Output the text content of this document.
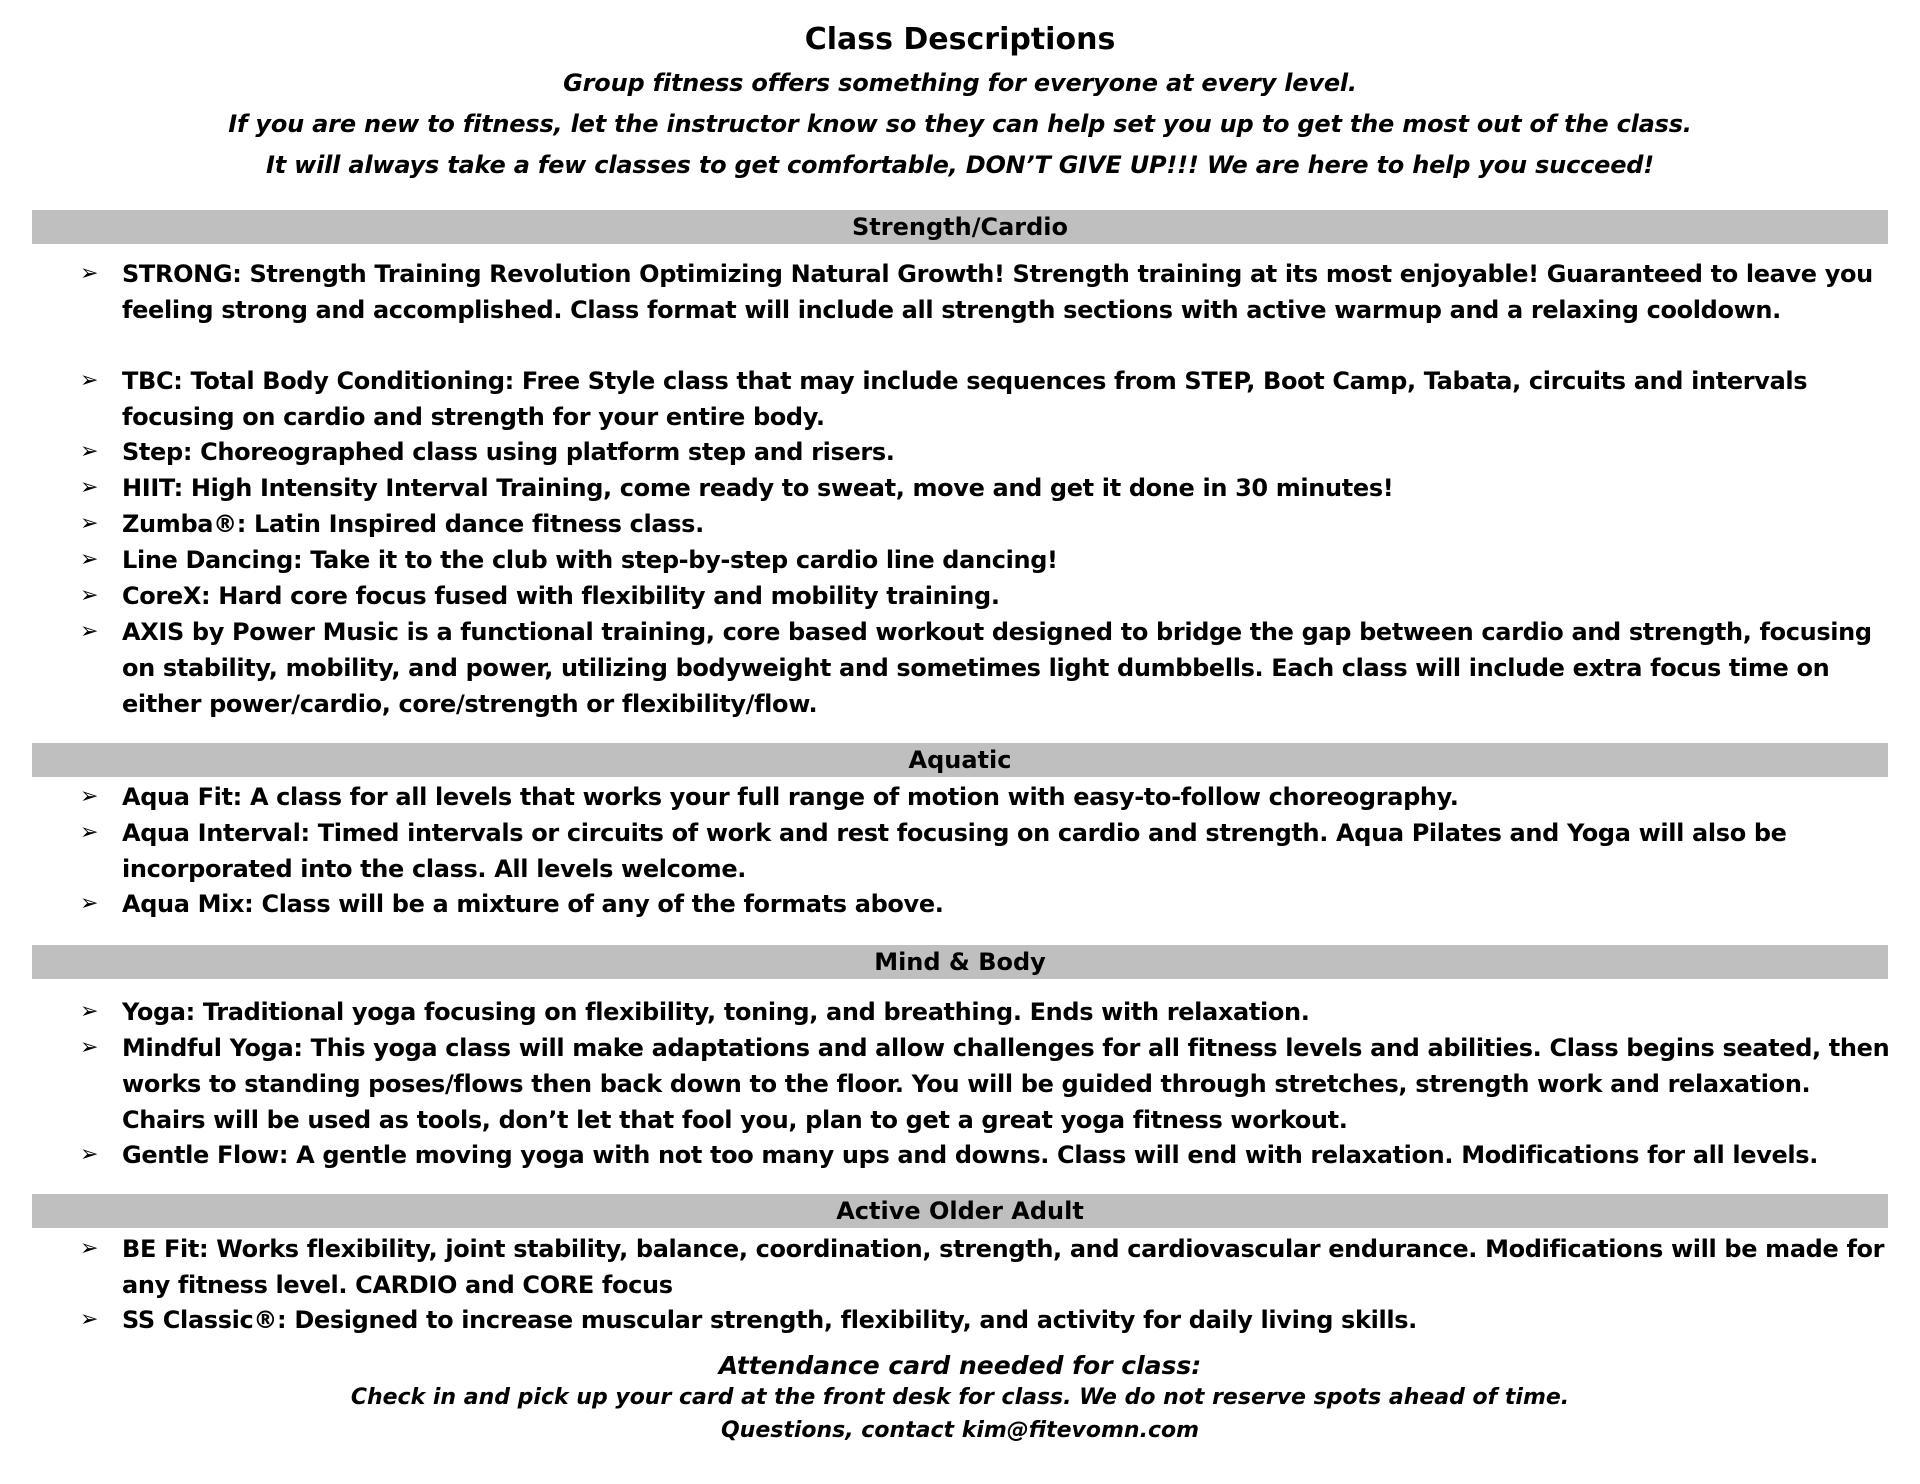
Class Descriptions
Group fitness offers something for everyone at every level.
If you are new to fitness, let the instructor know so they can help set you up to get the most out of the class.
It will always take a few classes to get comfortable, DON’T GIVE UP!!! We are here to help you succeed!
Strength/Cardio
➢ STRONG: Strength Training Revolution Optimizing Natural Growth! Strength training at its most enjoyable! Guaranteed to leave you feeling strong and accomplished. Class format will include all strength sections with active warmup and a relaxing cooldown.
➢ TBC: Total Body Conditioning: Free Style class that may include sequences from STEP, Boot Camp, Tabata, circuits and intervals focusing on cardio and strength for your entire body.
➢ Step: Choreographed class using platform step and risers.
➢ HIIT: High Intensity Interval Training, come ready to sweat, move and get it done in 30 minutes!
➢ Zumba®: Latin Inspired dance fitness class.
➢ Line Dancing: Take it to the club with step-by-step cardio line dancing!
➢ CoreX: Hard core focus fused with flexibility and mobility training.
➢ AXIS by Power Music is a functional training, core based workout designed to bridge the gap between cardio and strength, focusing on stability, mobility, and power, utilizing bodyweight and sometimes light dumbbells. Each class will include extra focus time on either power/cardio, core/strength or flexibility/flow.
Aquatic
➢ Aqua Fit: A class for all levels that works your full range of motion with easy-to-follow choreography.
➢ Aqua Interval: Timed intervals or circuits of work and rest focusing on cardio and strength. Aqua Pilates and Yoga will also be incorporated into the class. All levels welcome.
➢ Aqua Mix: Class will be a mixture of any of the formats above.
Mind & Body
➢ Yoga: Traditional yoga focusing on flexibility, toning, and breathing. Ends with relaxation.
➢ Mindful Yoga: This yoga class will make adaptations and allow challenges for all fitness levels and abilities. Class begins seated, then works to standing poses/flows then back down to the floor. You will be guided through stretches, strength work and relaxation. Chairs will be used as tools, don’t let that fool you, plan to get a great yoga fitness workout.
➢ Gentle Flow: A gentle moving yoga with not too many ups and downs. Class will end with relaxation. Modifications for all levels.
Active Older Adult
➢ BE Fit: Works flexibility, joint stability, balance, coordination, strength, and cardiovascular endurance. Modifications will be made for any fitness level. CARDIO and CORE focus
➢ SS Classic®: Designed to increase muscular strength, flexibility, and activity for daily living skills.
Attendance card needed for class:
Check in and pick up your card at the front desk for class. We do not reserve spots ahead of time.
Questions, contact kim@fitevomn.com
